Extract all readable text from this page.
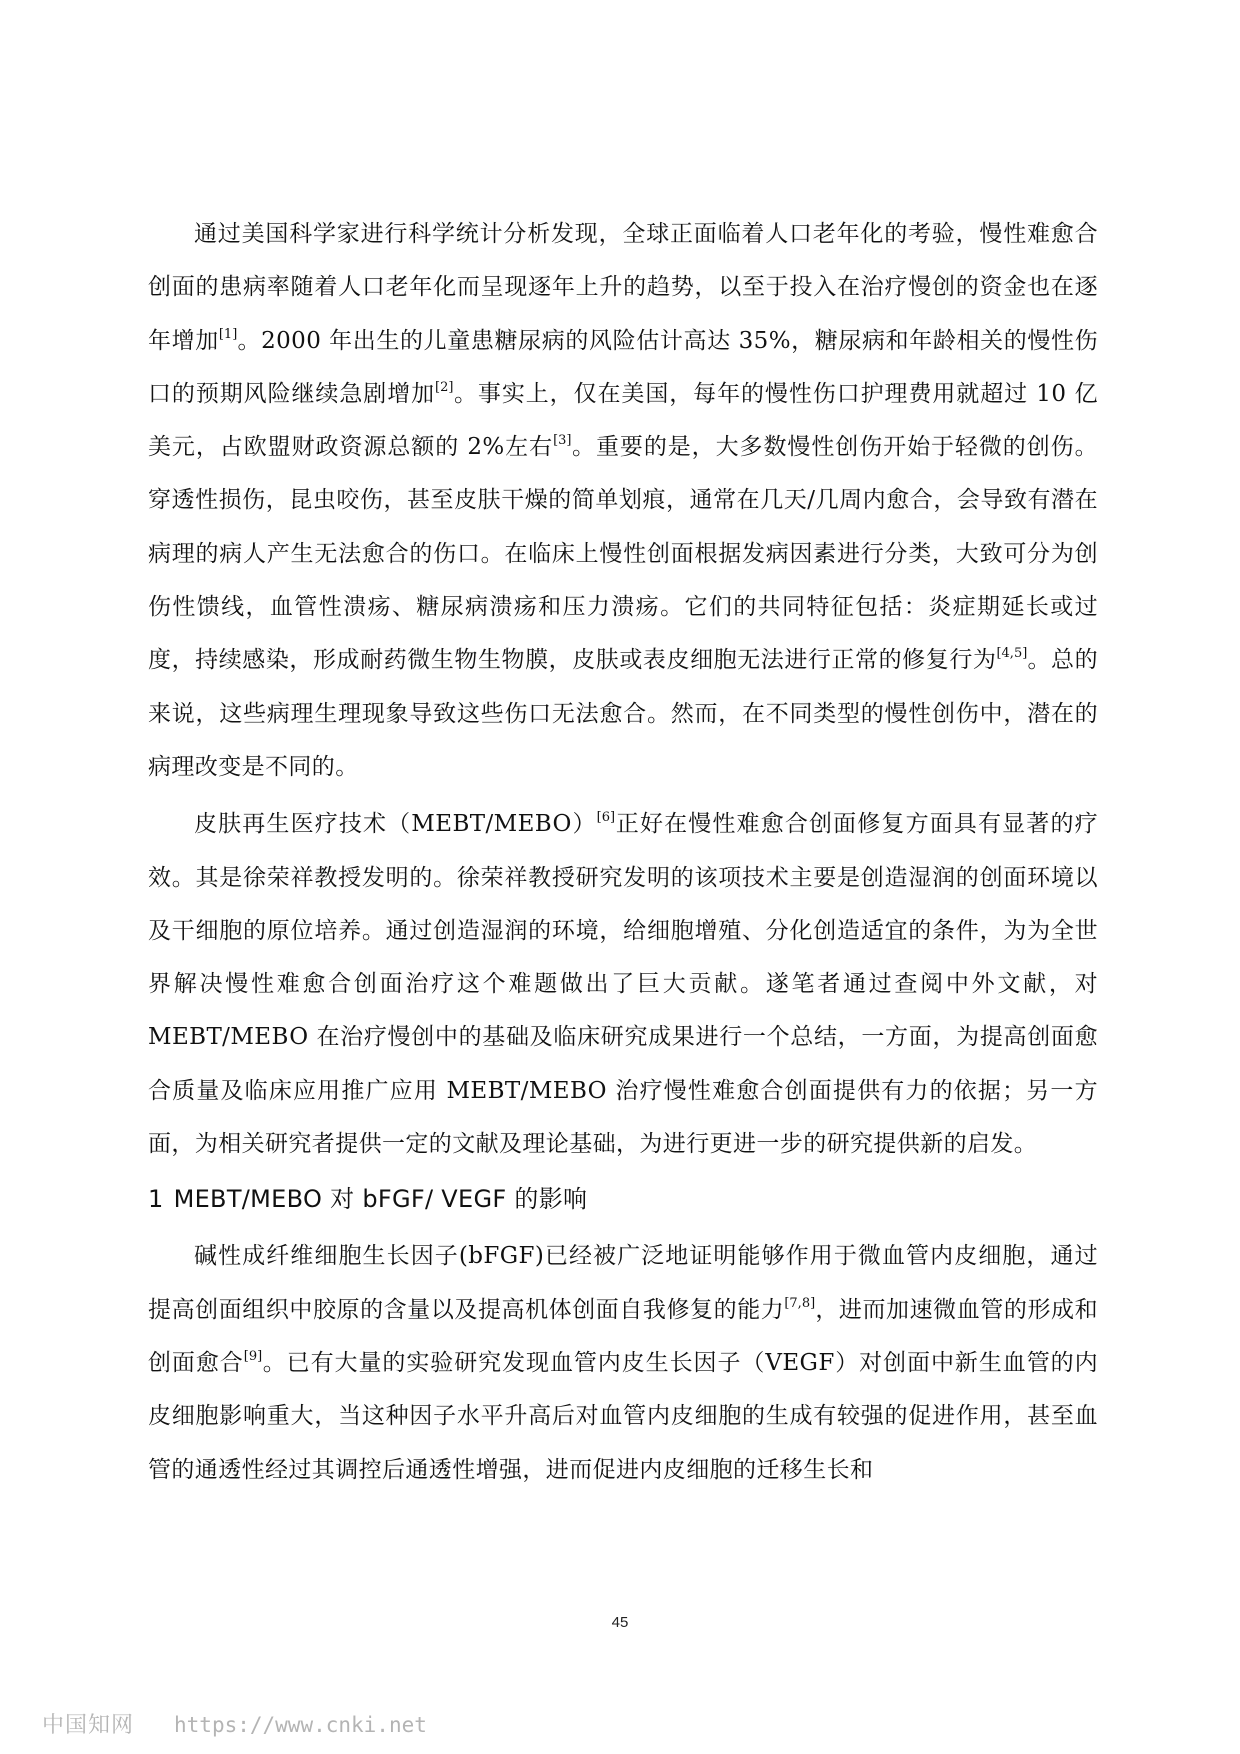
通过美国科学家进行科学统计分析发现，全球正面临着人口老年化的考验，慢性难愈合创面的患病率随着人口老年化而呈现逐年上升的趋势，以至于投入在治疗慢创的资金也在逐年增加[1]。2000 年出生的儿童患糖尿病的风险估计高达 35%，糖尿病和年龄相关的慢性伤口的预期风险继续急剧增加[2]。事实上，仅在美国，每年的慢性伤口护理费用就超过 10 亿美元，占欧盟财政资源总额的 2%左右[3]。重要的是，大多数慢性创伤开始于轻微的创伤。穿透性损伤，昆虫咬伤，甚至皮肤干燥的简单划痕，通常在几天/几周内愈合，会导致有潜在病理的病人产生无法愈合的伤口。在临床上慢性创面根据发病因素进行分类，大致可分为创伤性馈线，血管性溃疡、糖尿病溃疡和压力溃疡。它们的共同特征包括：炎症期延长或过度，持续感染，形成耐药微生物生物膜，皮肤或表皮细胞无法进行正常的修复行为[4,5]。总的来说，这些病理生理现象导致这些伤口无法愈合。然而，在不同类型的慢性创伤中，潜在的病理改变是不同的。

皮肤再生医疗技术（MEBT/MEBO）[6]正好在慢性难愈合创面修复方面具有显著的疗效。其是徐荣祥教授发明的。徐荣祥教授研究发明的该项技术主要是创造湿润的创面环境以及干细胞的原位培养。通过创造湿润的环境，给细胞增殖、分化创造适宜的条件，为为全世界解决慢性难愈合创面治疗这个难题做出了巨大贡献。遂笔者通过查阅中外文献，对 MEBT/MEBO 在治疗慢创中的基础及临床研究成果进行一个总结，一方面，为提高创面愈合质量及临床应用推广应用 MEBT/MEBO 治疗慢性难愈合创面提供有力的依据；另一方面，为相关研究者提供一定的文献及理论基础，为进行更进一步的研究提供新的启发。

1 MEBT/MEBO 对 bFGF/ VEGF 的影响

碱性成纤维细胞生长因子(bFGF)已经被广泛地证明能够作用于微血管内皮细胞，通过提高创面组织中胶原的含量以及提高机体创面自我修复的能力[7,8]，进而加速微血管的形成和创面愈合[9]。已有大量的实验研究发现血管内皮生长因子（VEGF）对创面中新生血管的内皮细胞影响重大，当这种因子水平升高后对血管内皮细胞的生成有较强的促进作用，甚至血管的通透性经过其调控后通透性增强，进而促进内皮细胞的迁移生长和

45
中国知网 https://www.cnki.net
